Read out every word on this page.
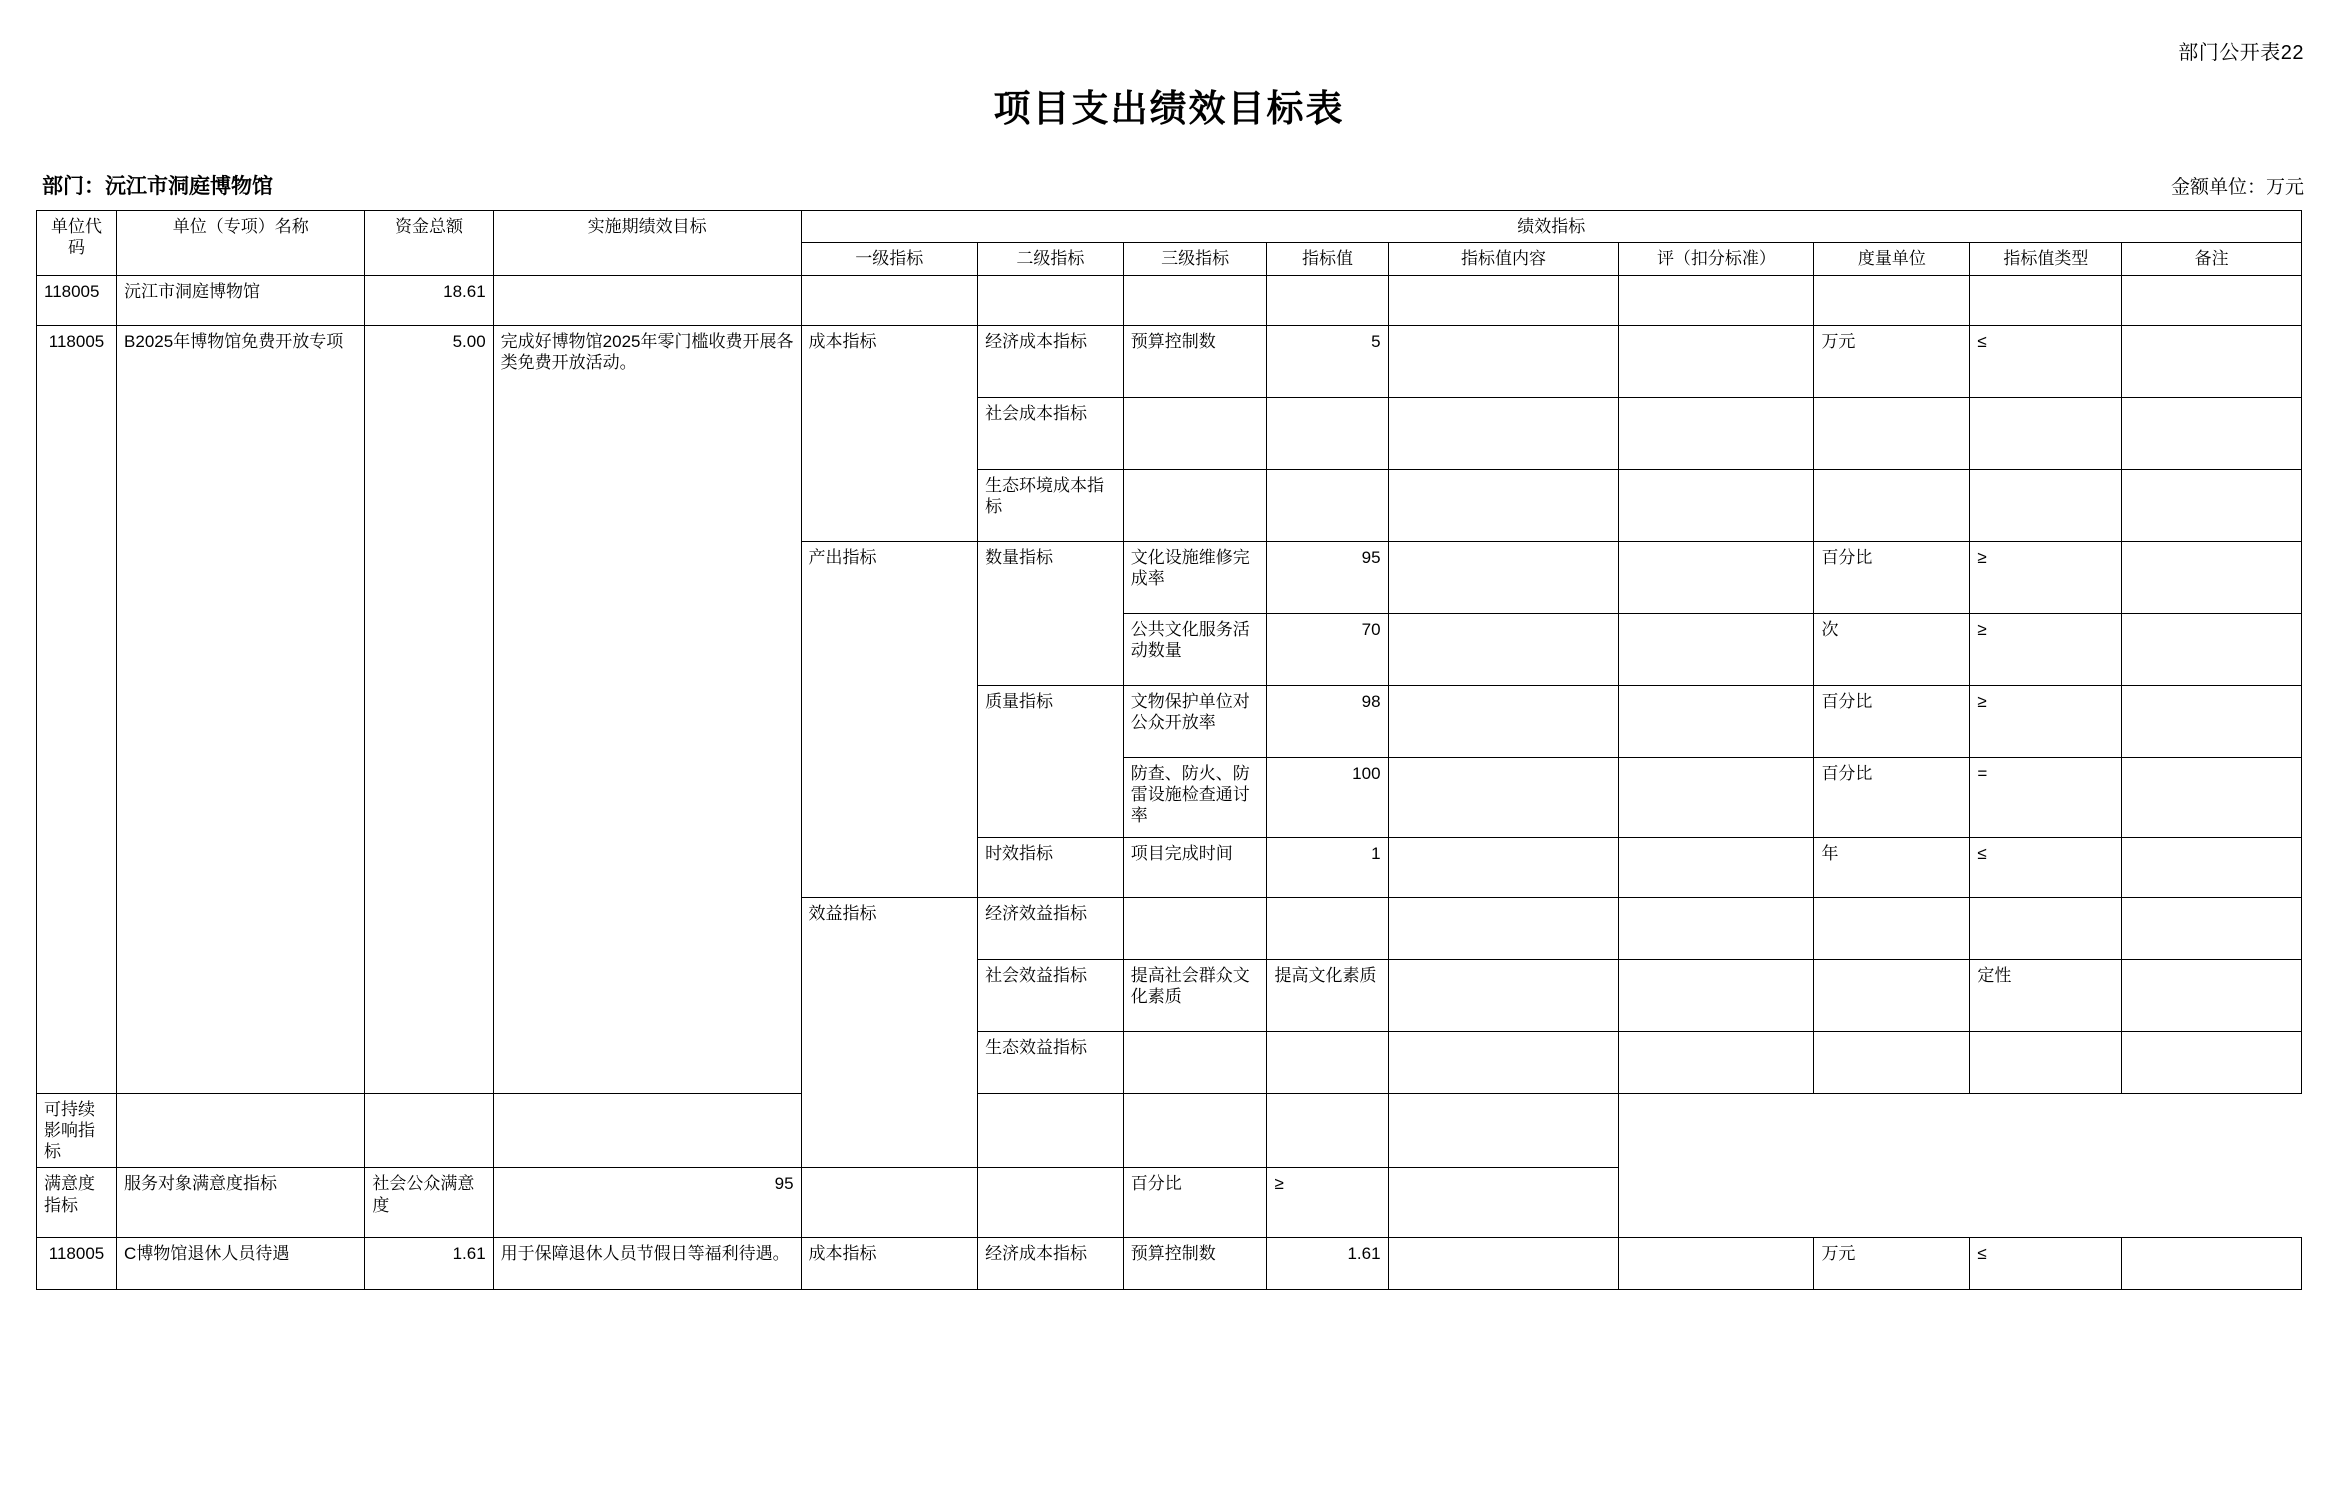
部门公开表22
项目支出绩效目标表
部门：沅江市洞庭博物馆	金额单位：万元
单位代码	单位（专项）名称	资金总额	实施期绩效目标	绩效指标								
				一级指标	二级指标	三级指标	指标值	指标值内容	评（扣分标准）	度量单位	指标值类型	备注
118005	沅江市洞庭博物馆	18.61										
118005	B2025年博物馆免费开放专项	5.00	完成好博物馆2025年零门槛收费开展各类免费开放活动。	成本指标	经济成本指标	预算控制数	5			万元	≤	
					社会成本指标							
					生态环境成本指标							
				产出指标	数量指标	文化设施维修完成率	95			百分比	≥	
						公共文化服务活动数量	70			次	≥	
					质量指标	文物保护单位对公众开放率	98			百分比	≥	
						防查、防火、防雷设施检查通讨率	100			百分比	=	
					时效指标	项目完成时间	1			年	≤	
				效益指标	经济效益指标							
					社会效益指标	提高社会群众文化素质	提高文化素质				定性	
					生态效益指标							
可持续影响指标												
满意度指标	服务对象满意度指标	社会公众满意度	95			百分比	≥					
118005	C博物馆退休人员待遇	1.61	用于保障退休人员节假日等福利待遇。	成本指标	经济成本指标	预算控制数	1.61			万元	≤	
